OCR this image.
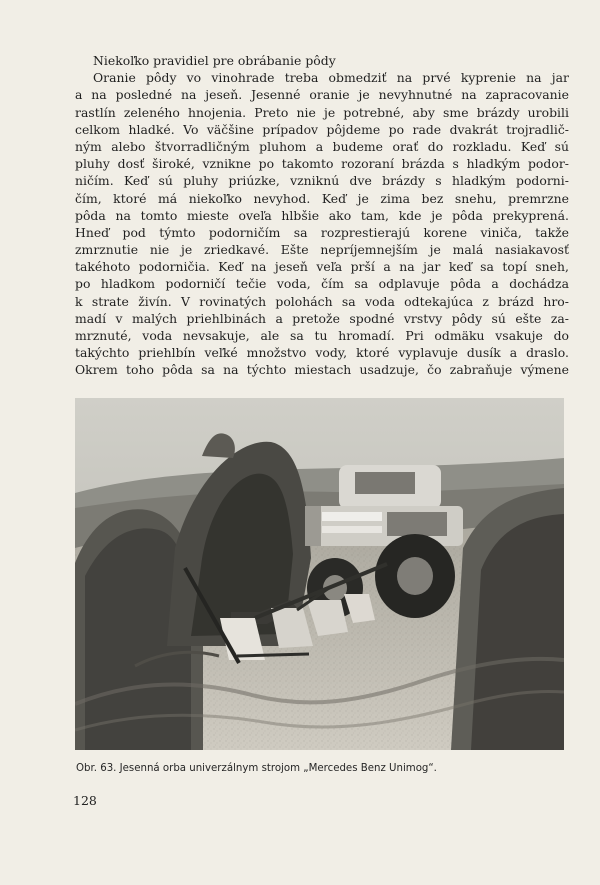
Niekoľko pravidiel pre obrábanie pôdy
Oranie pôdy vo vinohrade treba obmedziť na prvé kyprenie na jar
a na posledné na jeseň. Jesenné oranie je nevyhnutné na zapracovanie
rastlín zeleného hnojenia. Preto nie je potrebné, aby sme brázdy urobili
celkom hladké. Vo väčšine prípadov pôjdeme po rade dvakrát trojradlič-
ným alebo štvorradličným pluhom a budeme orať do rozkladu. Keď sú
pluhy dosť široké, vznikne po takomto rozoraní brázda s hladkým podor-
ničím. Keď sú pluhy priúzke, vzniknú dve brázdy s hladkým podorni-
čím, ktoré má niekoľko nevyhod. Keď je zima bez snehu, premrzne
pôda na tomto mieste oveľa hlbšie ako tam, kde je pôda prekyprená.
Hneď pod týmto podorničím sa rozprestierajú korene viniča, takže
zmrznutie nie je zriedkavé. Ešte nepríjemnejším je malá nasiakavosť
takéhoto podorničia. Keď na jeseň veľa prší a na jar keď sa topí sneh,
po hladkom podorničí tečie voda, čím sa odplavuje pôda a dochádza
k strate živín. V rovinatých polohách sa voda odtekajúca z brázd hro-
madí v malých priehlbinách a pretože spodné vrstvy pôdy sú ešte za-
mrznuté, voda nevsakuje, ale sa tu hromadí. Pri odmäku vsakuje do
takýchto priehlbín veľké množstvo vody, ktoré vyplavuje dusík a draslo.
Okrem toho pôda sa na týchto miestach usadzuje, čo zabraňuje výmene
Obr. 63. Jesenná orba univerzálnym strojom „Mercedes Benz Unimog“.
128
